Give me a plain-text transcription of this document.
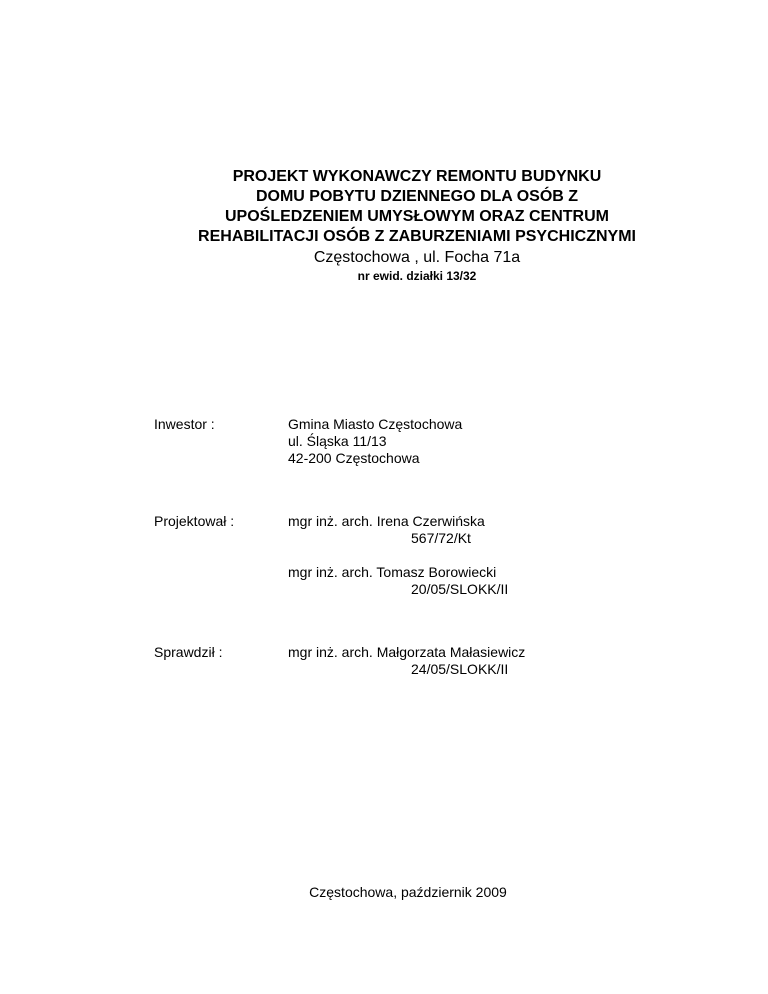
PROJEKT WYKONAWCZY REMONTU BUDYNKU
DOMU POBYTU DZIENNEGO DLA OSÓB Z
UPOŚLEDZENIEM UMYSŁOWYM ORAZ CENTRUM
REHABILITACJI OSÓB Z ZABURZENIAMI PSYCHICZNYMI
Częstochowa , ul. Focha 71a
nr ewid. działki 13/32
Inwestor :	Gmina Miasto Częstochowa
ul. Śląska 11/13
42-200 Częstochowa
Projektował :	mgr inż. arch. Irena Czerwińska
567/72/Kt
mgr inż. arch. Tomasz Borowiecki
20/05/SLOKK/II
Sprawdził :	mgr inż. arch. Małgorzata Małasiewicz
24/05/SLOKK/II
Częstochowa, październik 2009
